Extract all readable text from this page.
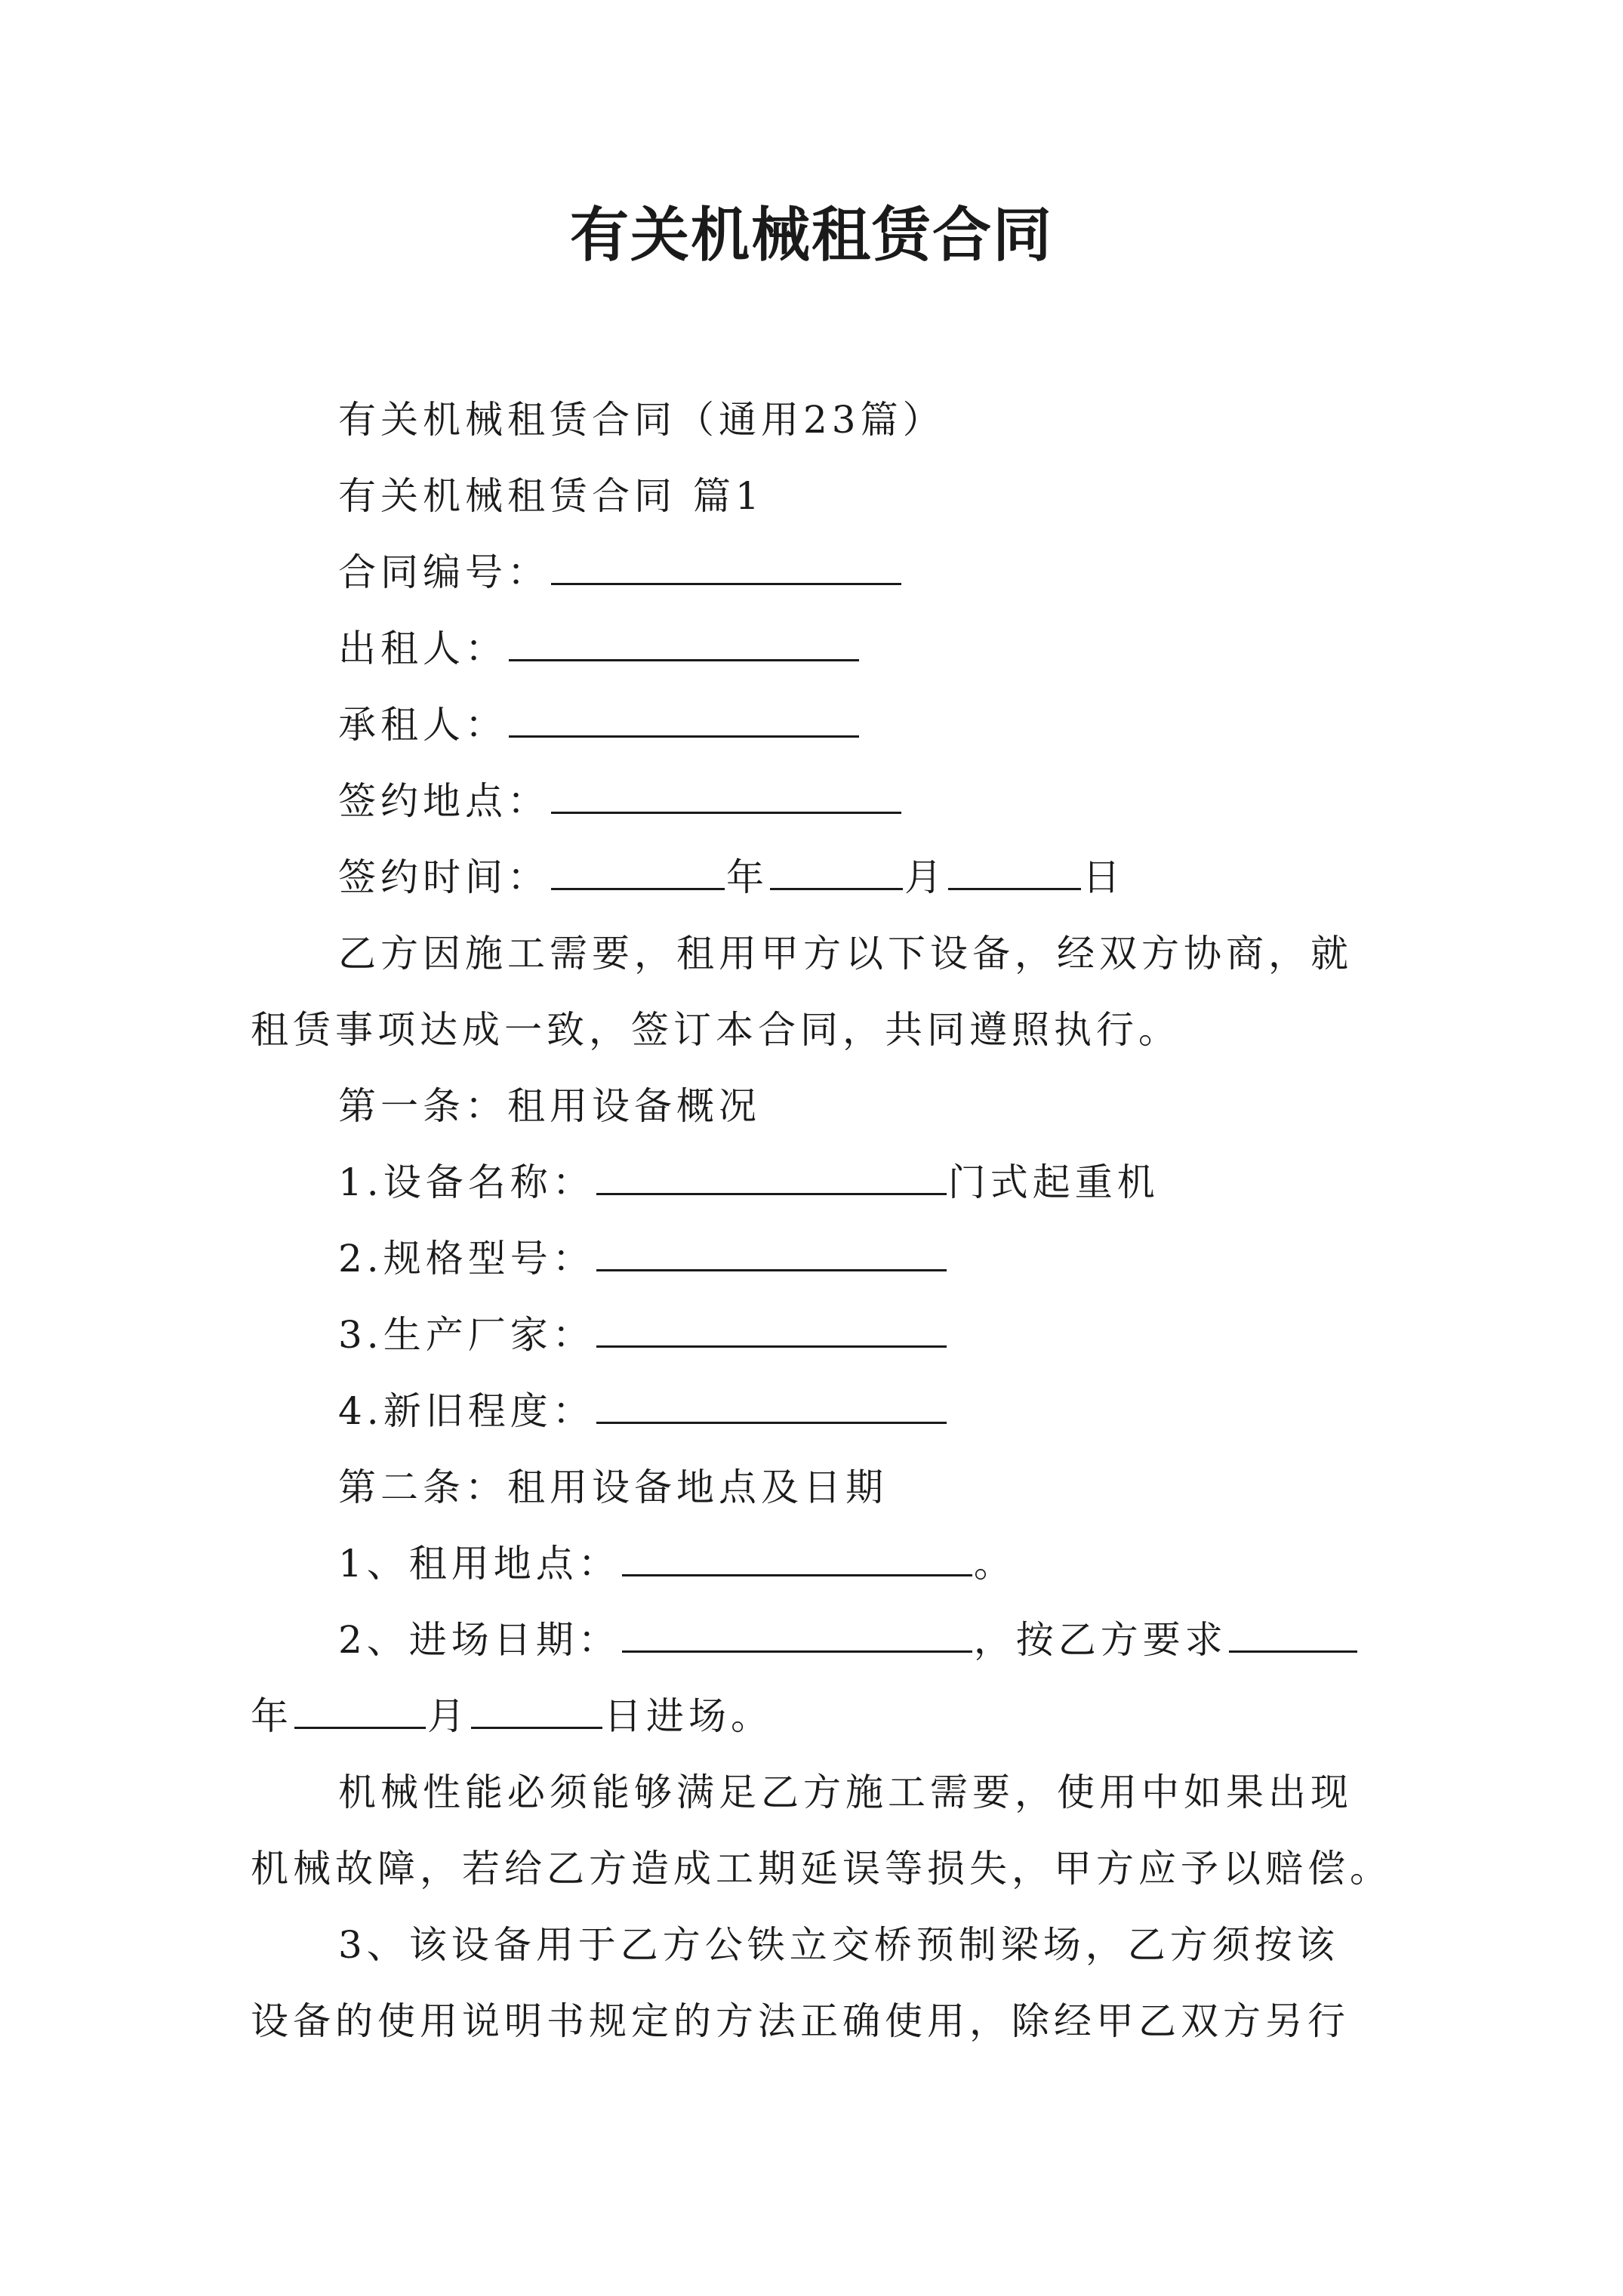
有关机械租赁合同
有关机械租赁合同（通用23篇）
有关机械租赁合同 篇1
合同编号：
出租人：
承租人：
签约地点：
签约时间：	年	月	日
乙方因施工需要，租用甲方以下设备，经双方协商，就
租赁事项达成一致，签订本合同，共同遵照执行。
第一条：租用设备概况
1.设备名称：	门式起重机
2.规格型号：
3.生产厂家：
4.新旧程度：
第二条：租用设备地点及日期
1、租用地点：	。
2、进场日期：	，按乙方要求
年	月	日进场。
机械性能必须能够满足乙方施工需要，使用中如果出现
机械故障，若给乙方造成工期延误等损失，甲方应予以赔偿。
3、该设备用于乙方公铁立交桥预制梁场，乙方须按该
设备的使用说明书规定的方法正确使用，除经甲乙双方另行
